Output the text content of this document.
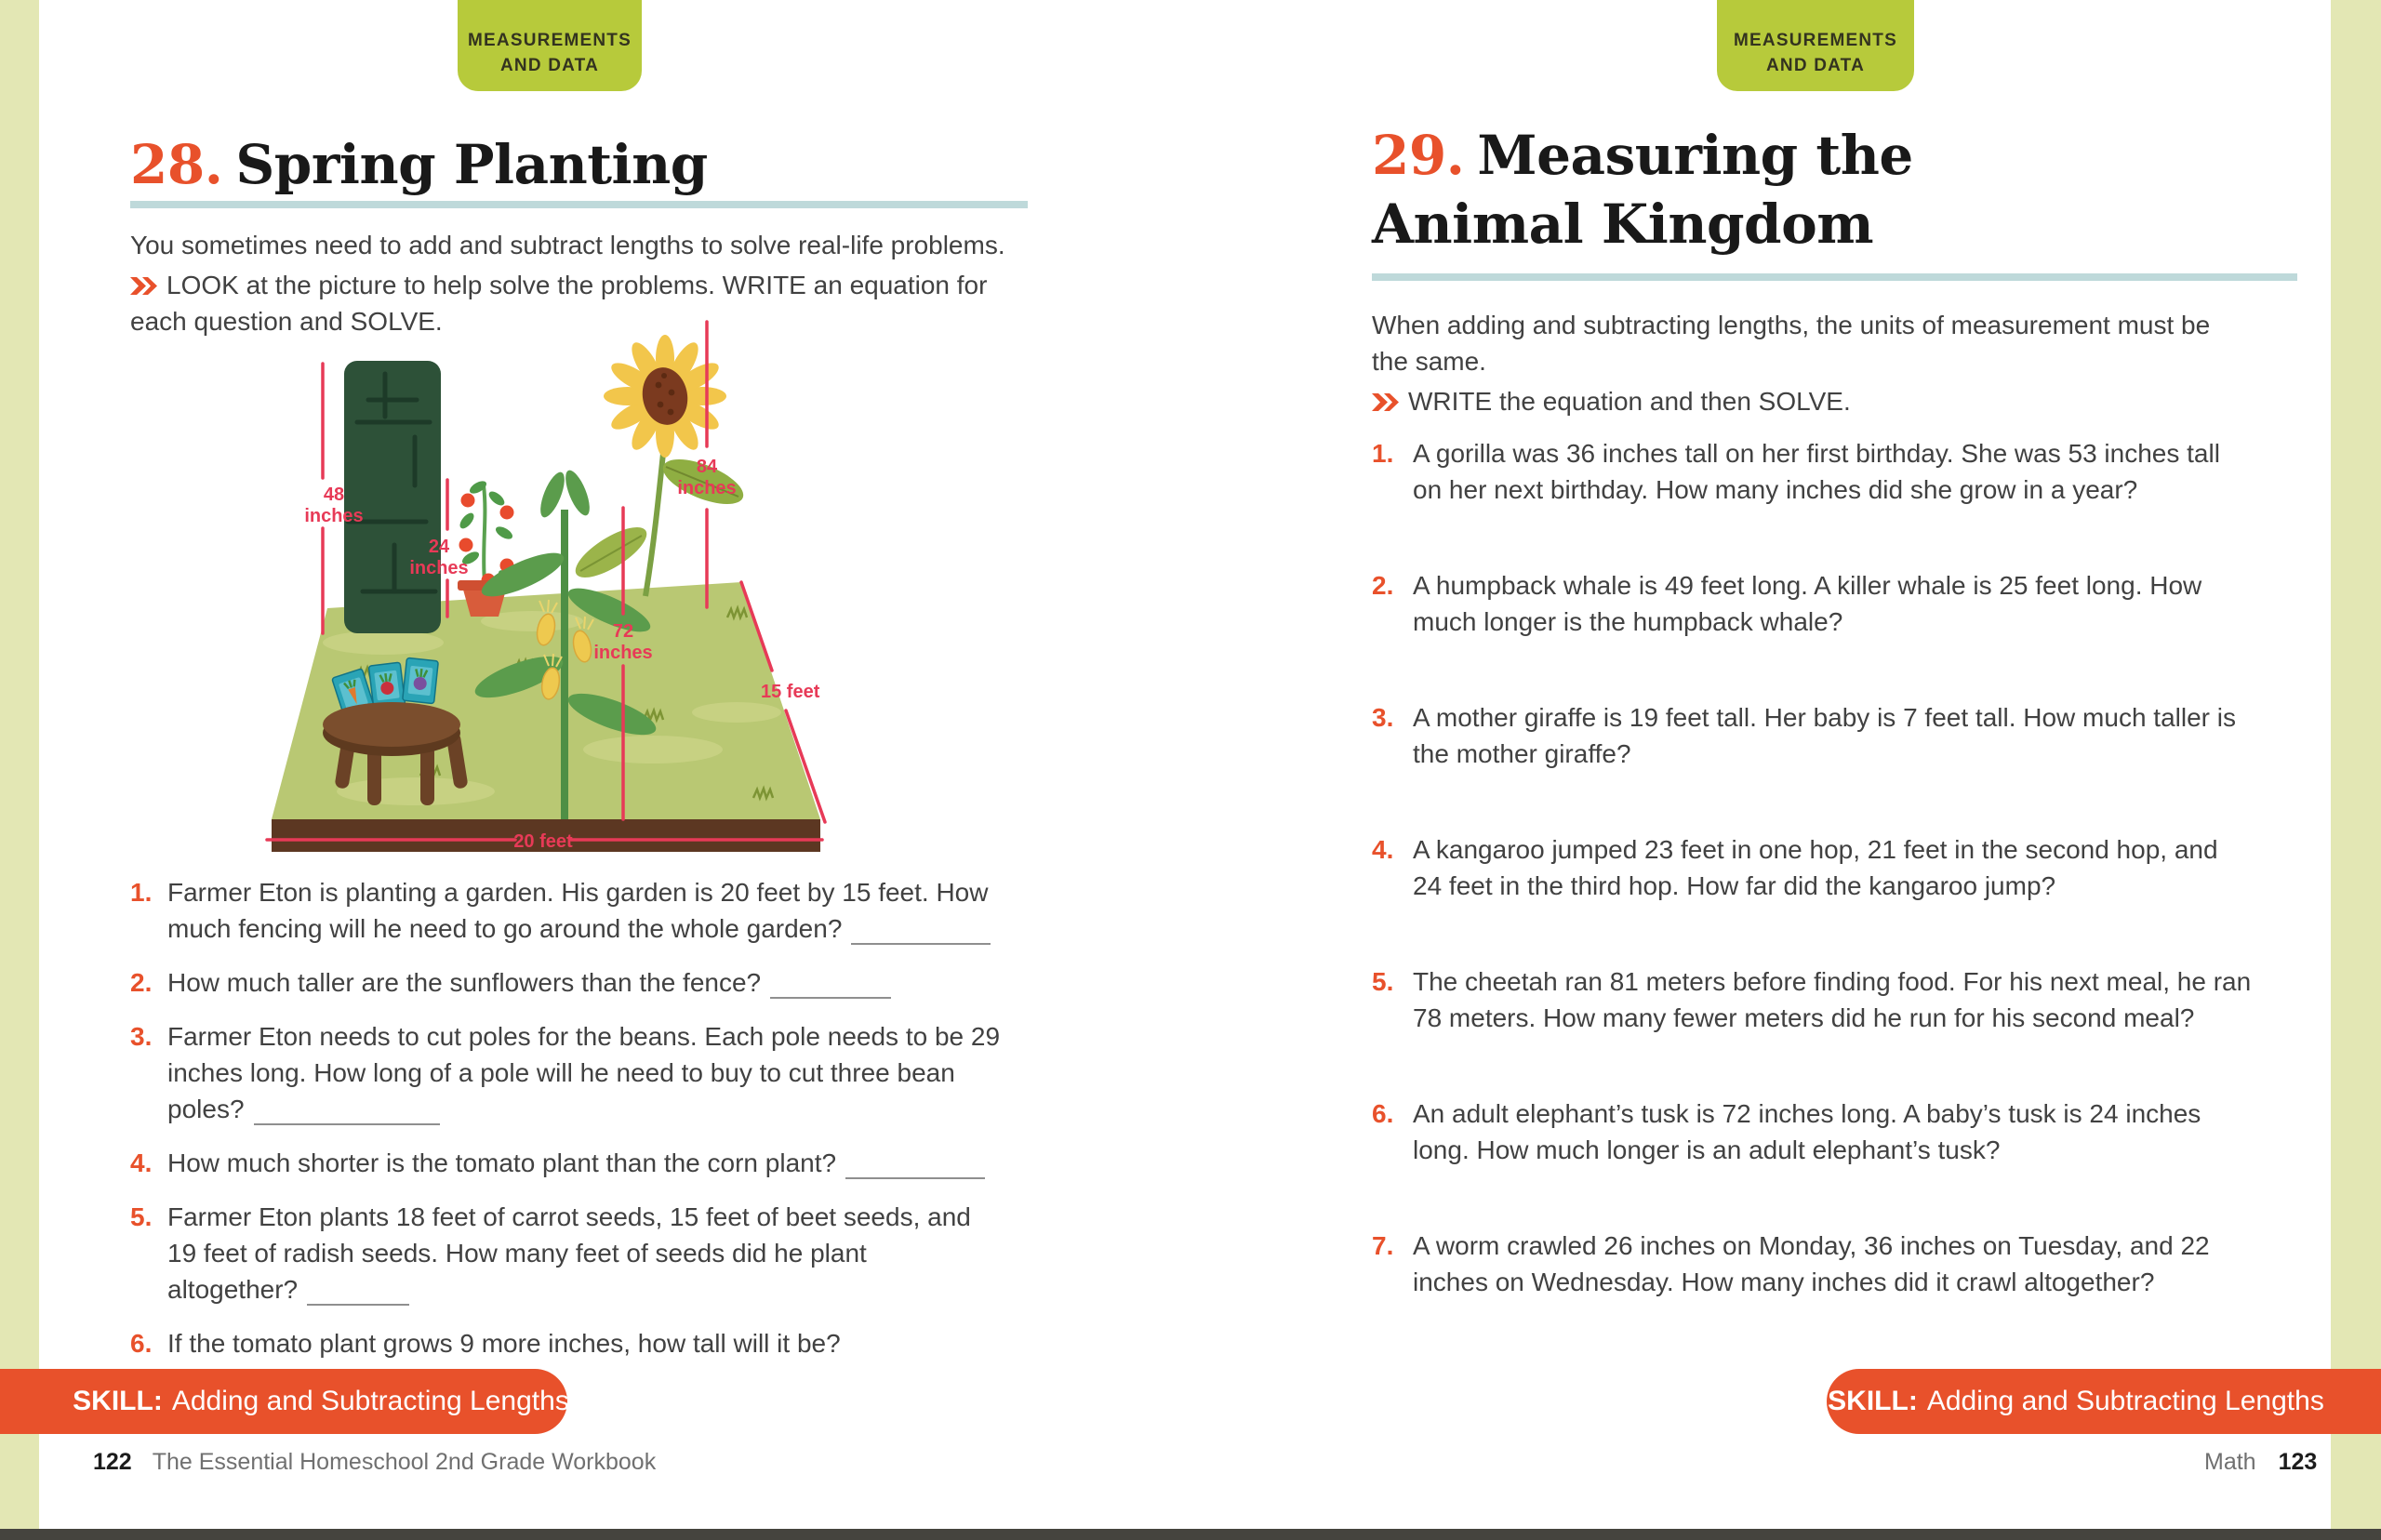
MEASUREMENTS
AND DATA
28. Spring Planting

You sometimes need to add and subtract lengths to solve real-life problems.

LOOK at the picture to help solve the problems. WRITE an equation for each question and SOLVE.

48
inches
24
inches
72
inches
84
inches
15 feet
20 feet
1. Farmer Eton is planting a garden. His garden is 20 feet by 15 feet. How much fencing will he need to go around the whole garden?
2. How much taller are the sunflowers than the fence?
3. Farmer Eton needs to cut poles for the beans. Each pole needs to be 29 inches long. How long of a pole will he need to buy to cut three bean poles?
4. How much shorter is the tomato plant than the corn plant?
5. Farmer Eton plants 18 feet of carrot seeds, 15 feet of beet seeds, and 19 feet of radish seeds. How many feet of seeds did he plant altogether?
6. If the tomato plant grows 9 more inches, how tall will it be?
SKILL: Adding and Subtracting Lengths
122 The Essential Homeschool 2nd Grade Workbook
MEASUREMENTS
AND DATA
29. Measuring the
Animal Kingdom

When adding and subtracting lengths, the units of measurement must be the same.

WRITE the equation and then SOLVE.

1. A gorilla was 36 inches tall on her first birthday. She was 53 inches tall on her next birthday. How many inches did she grow in a year?
2. A humpback whale is 49 feet long. A killer whale is 25 feet long. How much longer is the humpback whale?
3. A mother giraffe is 19 feet tall. Her baby is 7 feet tall. How much taller is the mother giraffe?
4. A kangaroo jumped 23 feet in one hop, 21 feet in the second hop, and 24 feet in the third hop. How far did the kangaroo jump?
5. The cheetah ran 81 meters before finding food. For his next meal, he ran 78 meters. How many fewer meters did he run for his second meal?
6. An adult elephant’s tusk is 72 inches long. A baby’s tusk is 24 inches long. How much longer is an adult elephant’s tusk?
7. A worm crawled 26 inches on Monday, 36 inches on Tuesday, and 22 inches on Wednesday. How many inches did it crawl altogether?
SKILL: Adding and Subtracting Lengths
Math 123
